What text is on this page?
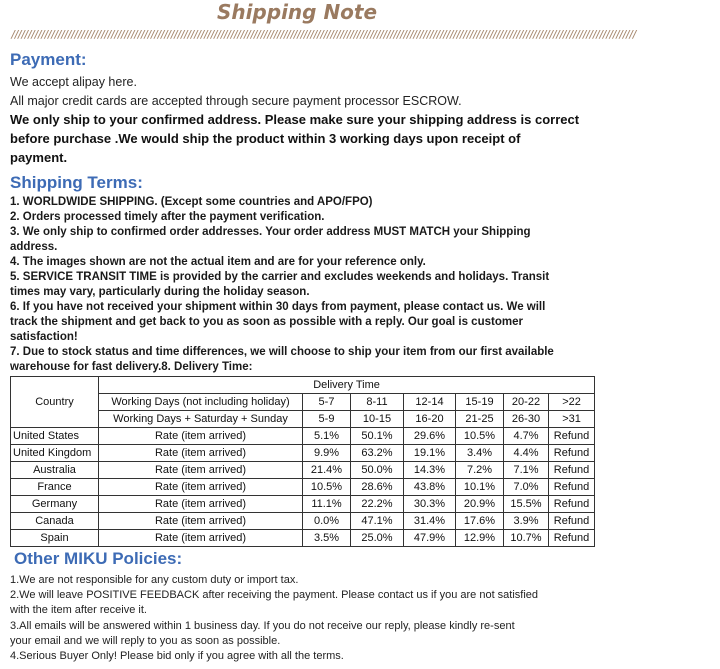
Shipping Note
////////////////////////////////////////////////////////////////////////////////////////////////////////////////////////////////////////////////////////////////////////////////////////////
Payment:
We accept alipay here.
All major credit cards are accepted through secure payment processor ESCROW.
We only ship to your confirmed address. Please make sure your shipping address is correct
before purchase .We would ship the product within 3 working days upon receipt of
payment.
Shipping Terms:
1. WORLDWIDE SHIPPING. (Except some countries and APO/FPO)
2. Orders processed timely after the payment verification.
3. We only ship to confirmed order addresses. Your order address MUST MATCH your Shipping
address.
4. The images shown are not the actual item and are for your reference only.
5. SERVICE TRANSIT TIME is provided by the carrier and excludes weekends and holidays. Transit
times may vary, particularly during the holiday season.
6. If you have not received your shipment within 30 days from payment, please contact us. We will
track the shipment and get back to you as soon as possible with a reply. Our goal is customer
satisfaction!
7. Due to stock status and time differences, we will choose to ship your item from our first available
warehouse for fast delivery.8. Delivery Time:
Country	Delivery Time						
	Working Days (not including holiday)	5-7	8-11	12-14	15-19	20-22	>22
	Working Days + Saturday + Sunday	5-9	10-15	16-20	21-25	26-30	>31
United States	Rate (item arrived)	5.1%	50.1%	29.6%	10.5%	4.7%	Refund
United Kingdom	Rate (item arrived)	9.9%	63.2%	19.1%	3.4%	4.4%	Refund
Australia	Rate (item arrived)	21.4%	50.0%	14.3%	7.2%	7.1%	Refund
France	Rate (item arrived)	10.5%	28.6%	43.8%	10.1%	7.0%	Refund
Germany	Rate (item arrived)	11.1%	22.2%	30.3%	20.9%	15.5%	Refund
Canada	Rate (item arrived)	0.0%	47.1%	31.4%	17.6%	3.9%	Refund
Spain	Rate (item arrived)	3.5%	25.0%	47.9%	12.9%	10.7%	Refund
Other MIKU Policies:
1.We are not responsible for any custom duty or import tax.
2.We will leave POSITIVE FEEDBACK after receiving the payment. Please contact us if you are not satisfied
with the item after receive it.
3.All emails will be answered within 1 business day. If you do not receive our reply, please kindly re-sent
your email and we will reply to you as soon as possible.
4.Serious Buyer Only! Please bid only if you agree with all the terms.
